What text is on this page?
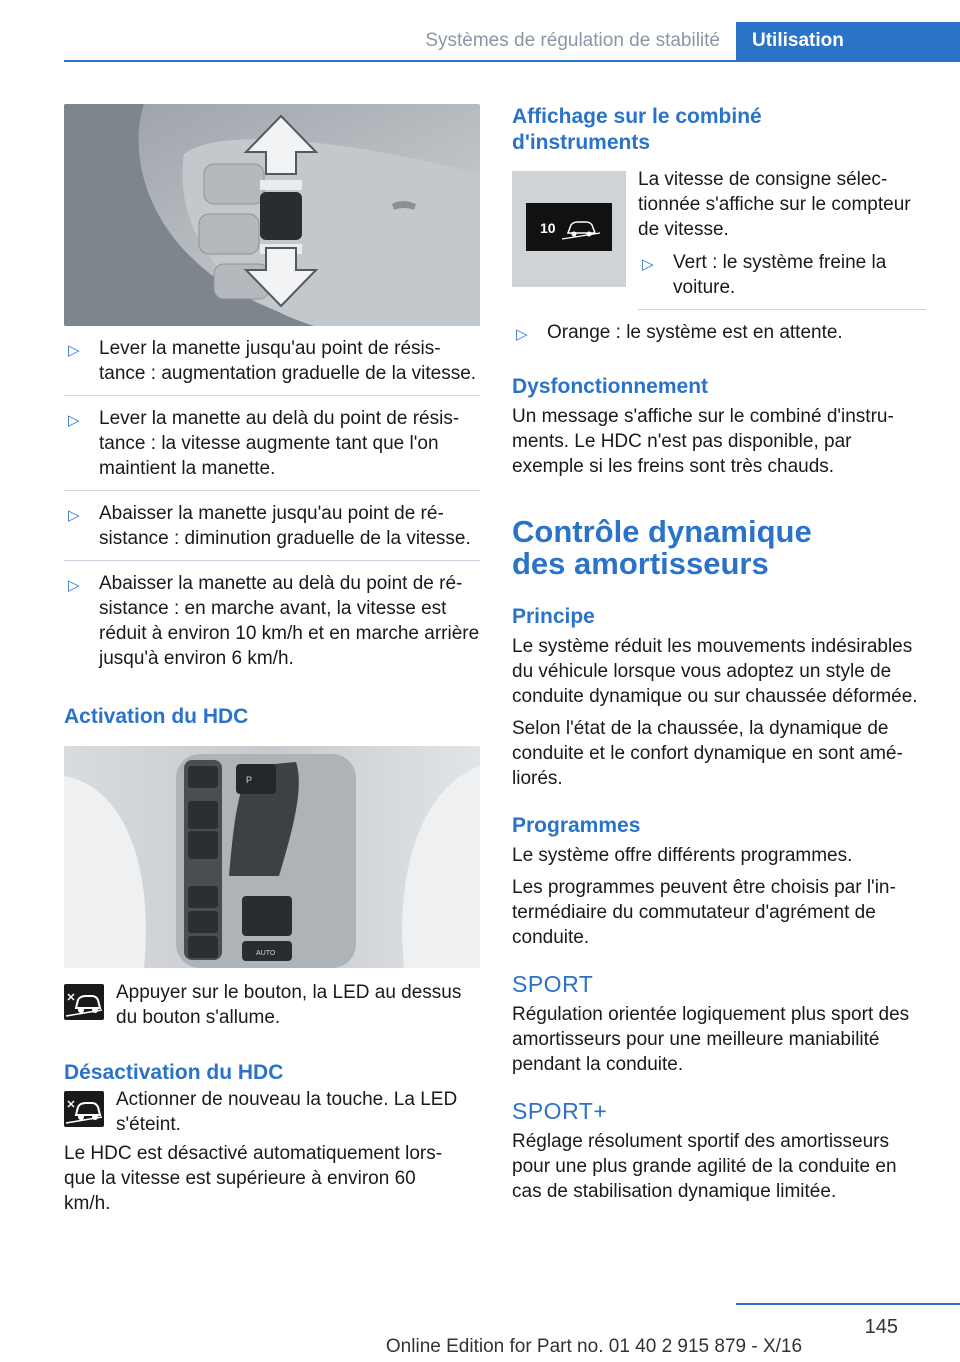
Systèmes de régulation de stabilité	Utilisation
▷ Lever la manette jusqu'au point de résistance : augmentation graduelle de la vitesse.
▷ Lever la manette au delà du point de résistance : la vitesse augmente tant que l'on maintient la manette.
▷ Abaisser la manette jusqu'au point de résistance : diminution graduelle de la vitesse.
▷ Abaisser la manette au delà du point de résistance : en marche avant, la vitesse est réduit à environ 10 km/h et en marche arrière jusqu'à environ 6 km/h.
Activation du HDC
P
AUTO

Appuyer sur le bouton, la LED au dessus du bouton s'allume.

Désactivation du HDC

Actionner de nouveau la touche. La LED s'éteint.

Le HDC est désactivé automatiquement lorsque la vitesse est supérieure à environ 60 km/h.

Affichage sur le combiné d'instruments
10

La vitesse de consigne sélectionnée s'affiche sur le compteur de vitesse.

▷ Vert : le système freine la voiture.
▷ Orange : le système est en attente.
Dysfonctionnement

Un message s'affiche sur le combiné d'instruments. Le HDC n'est pas disponible, par exemple si les freins sont très chauds.

Contrôle dynamique des amortisseurs
Principe

Le système réduit les mouvements indésirables du véhicule lorsque vous adoptez un style de conduite dynamique ou sur chaussée déformée.

Selon l'état de la chaussée, la dynamique de conduite et le confort dynamique en sont améliorés.

Programmes

Le système offre différents programmes.

Les programmes peuvent être choisis par l'intermédiaire du commutateur d'agrément de conduite.

SPORT

Régulation orientée logiquement plus sport des amortisseurs pour une meilleure maniabilité pendant la conduite.

SPORT+

Réglage résolument sportif des amortisseurs pour une plus grande agilité de la conduite en cas de stabilisation dynamique limitée.

145
Online Edition for Part no. 01 40 2 915 879 - X/16
